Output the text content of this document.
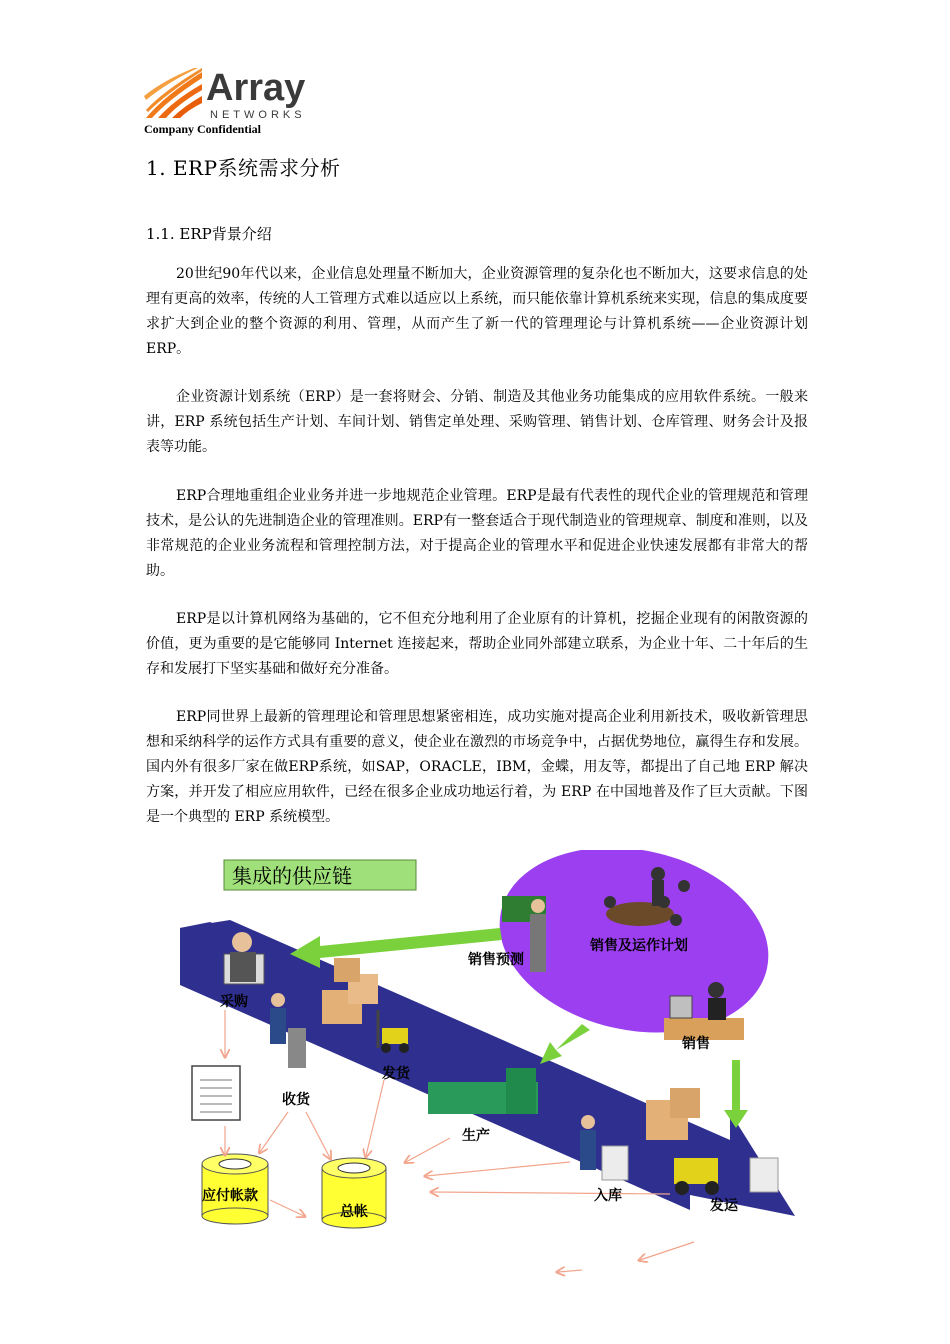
Array
NETWORKS
Company Confidential
1. ERP系统需求分析
1.1. ERP背景介绍
20世纪90年代以来，企业信息处理量不断加大，企业资源管理的复杂化也不断加大，这要求信息的处理有更高的效率，传统的人工管理方式难以适应以上系统，而只能依靠计算机系统来实现，信息的集成度要求扩大到企业的整个资源的利用、管理，从而产生了新一代的管理理论与计算机系统——企业资源计划ERP。
企业资源计划系统（ERP）是一套将财会、分销、制造及其他业务功能集成的应用软件系统。一般来讲，ERP 系统包括生产计划、车间计划、销售定单处理、采购管理、销售计划、仓库管理、财务会计及报表等功能。
ERP合理地重组企业业务并进一步地规范企业管理。ERP是最有代表性的现代企业的管理规范和管理技术，是公认的先进制造企业的管理准则。ERP有一整套适合于现代制造业的管理规章、制度和准则，以及非常规范的企业业务流程和管理控制方法，对于提高企业的管理水平和促进企业快速发展都有非常大的帮助。
ERP是以计算机网络为基础的，它不但充分地利用了企业原有的计算机，挖掘企业现有的闲散资源的价值，更为重要的是它能够同 Internet 连接起来，帮助企业同外部建立联系，为企业十年、二十年后的生存和发展打下坚实基础和做好充分准备。
ERP同世界上最新的管理理论和管理思想紧密相连，成功实施对提高企业利用新技术，吸收新管理思想和采纳科学的运作方式具有重要的意义，使企业在激烈的市场竞争中，占据优势地位，赢得生存和发展。国内外有很多厂家在做ERP系统，如SAP，ORACLE，IBM，金蝶，用友等，都提出了自己地 ERP 解决方案，并开发了相应应用软件，已经在很多企业成功地运行着，为 ERP 在中国地普及作了巨大贡献。下图是一个典型的 ERP 系统模型。
集成的供应链
采购
销售预测
销售及运作计划
销售
收货
发货
生产
入库
发运
应付帐款
总帐
